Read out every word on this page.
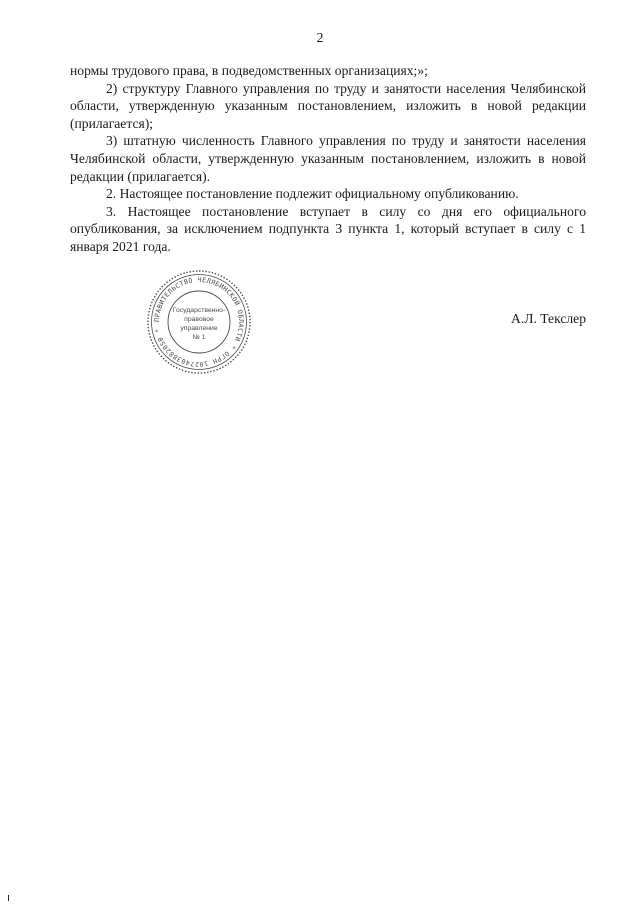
2

нормы трудового права, в подведомственных организациях;»;

2) структуру Главного управления по труду и занятости населения Челябинской области, утвержденную указанным постановлением, изложить в новой редакции (прилагается);

3) штатную численность Главного управления по труду и занятости населения Челябинской области, утвержденную указанным постановлением, изложить в новой редакции (прилагается).

2. Настоящее постановление подлежит официальному опубликованию.

3. Настоящее постановление вступает в силу со дня его официального опубликования, за исключением подпункта 3 пункта 1, который вступает в силу с 1 января 2021 года.

ПРАВИТЕЛЬСТВО ЧЕЛЯБИНСКОЙ ОБЛАСТИ * ОГРН 1027403882050 *
Государственно-
правовое
управление
№ 1
А.Л. Текслер
